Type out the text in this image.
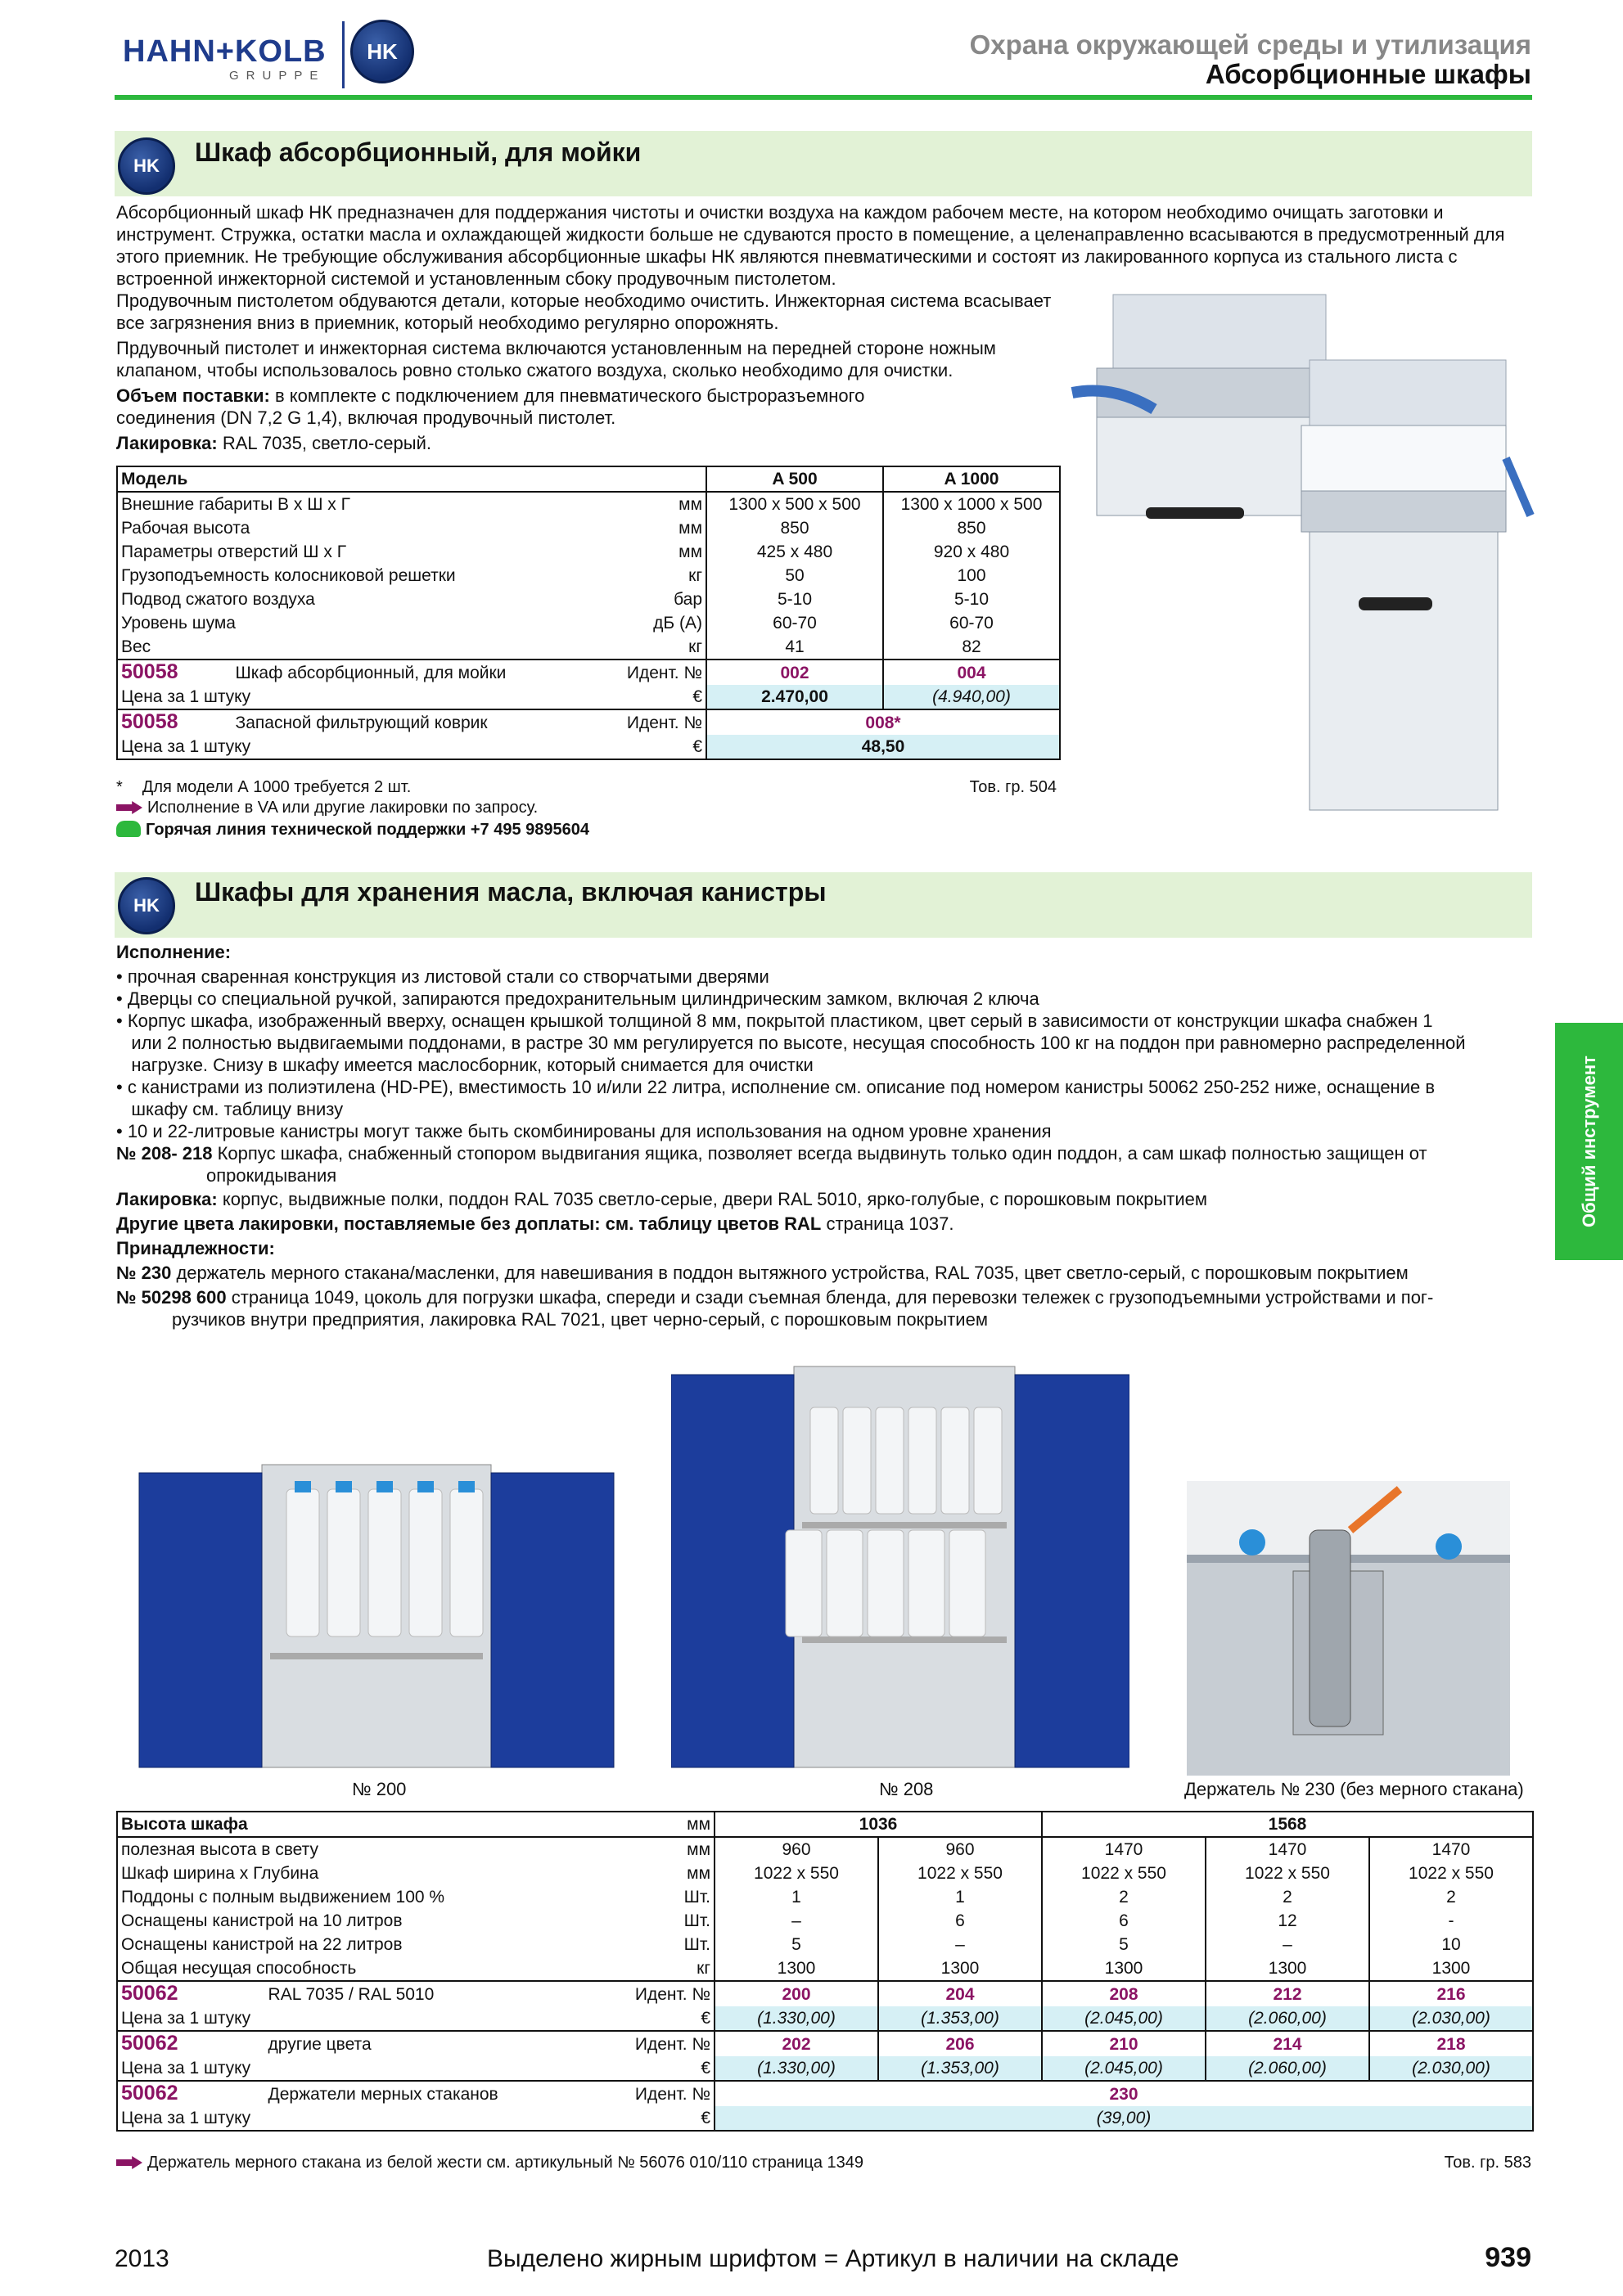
HAHN+KOLB
GRUPPE
HK	Охрана окружающей среды и утилизация
Абсорбционные шкафы
Общий инструмент
HK Шкаф абсорбционный, для мойки
Абсорбционный шкаф НК предназначен для поддержания чистоты и очистки воздуха на каждом рабочем месте, на котором необходимо очищать заготовки и инструмент. Стружка, остатки масла и охлаждающей жидкости больше не сдуваются просто в помещение, а целенаправленно всасываются в предусмотренный для этого приемник. Не требующие обслуживания абсорбционные шкафы НК являются пневматическими и состоят из лакированного корпуса из стального листа с встроенной инжекторной системой и установленным сбоку продувочным пистолетом.
Продувочным пистолетом обдуваются детали, которые необходимо очистить. Инжекторная система всасывает все загрязнения вниз в приемник, который необходимо регулярно опорожнять.
Прдувочный пистолет и инжекторная система включаются установленным на передней стороне ножным клапаном, чтобы использовалось ровно столько сжатого воздуха, сколько необходимо для очистки.
Объем поставки: в комплекте с подключением для пневматического быстроразъемного соединения (DN 7,2 G 1,4), включая продувочный пистолет.
Лакировка: RAL 7035, светло-серый.
Модель		A 500	A 1000
Внешние габариты В х Ш х Г	мм	1300 x 500 x 500	1300 x 1000 x 500
Рабочая высота	мм	850	850
Параметры отверстий Ш х Г	мм	425 x 480	920 x 480
Грузоподъемность колосниковой решетки	кг	50	100
Подвод сжатого воздуха	бар	5-10	5-10
Уровень шума	дБ (A)	60-70	60-70
Вес	кг	41	82
50058 Шкаф абсорбционный, для мойки	Идент. №	002	004
Цена за 1 штуку	€	2.470,00	(4.940,00)
50058 Запасной фильтрующий коврик	Идент. №	008*	
Цена за 1 штуку	€	48,50	
* Для модели А 1000 требуется 2 шт.	Тов. гр. 504
Исполнение в VA или другие лакировки по запросу.
Горячая линия технической поддержки +7 495 9895604
HK Шкафы для хранения масла, включая канистры
Исполнение:
• прочная сваренная конструкция из листовой стали со створчатыми дверями
• Дверцы со специальной ручкой, запираются предохранительным цилиндрическим замком, включая 2 ключа
• Корпус шкафа, изображенный вверху, оснащен крышкой толщиной 8 мм, покрытой пластиком, цвет серый в зависимости от конструкции шкафа снабжен 1
или 2 полностью выдвигаемыми поддонами, в растре 30 мм регулируется по высоте, несущая способность 100 кг на поддон при равномерно распределенной
нагрузке. Снизу в шкафу имеется маслосборник, который снимается для очистки
• с канистрами из полиэтилена (HD-PE), вместимость 10 и/или 22 литра, исполнение см. описание под номером канистры 50062 250-252 ниже, оснащение в
шкафу см. таблицу внизу
• 10 и 22-литровые канистры могут также быть скомбинированы для использования на одном уровне хранения
№ 208- 218 Корпус шкафа, снабженный стопором выдвигания ящика, позволяет всегда выдвинуть только один поддон, а сам шкаф полностью защищен от
опрокидывания
Лакировка: корпус, выдвижные полки, поддон RAL 7035 светло-серые, двери RAL 5010, ярко-голубые, с порошковым покрытием
Другие цвета лакировки, поставляемые без доплаты: см. таблицу цветов RAL страница 1037.
Принадлежности:
№ 230 держатель мерного стакана/масленки, для навешивания в поддон вытяжного устройства, RAL 7035, цвет светло-серый, с порошковым покрытием
№ 50298 600 страница 1049, цоколь для погрузки шкафа, спереди и сзади съемная бленда, для перевозки тележек с грузоподъемными устройствами и пог-
рузчиков внутри предприятия, лакировка RAL 7021, цвет черно-серый, с порошковым покрытием
№ 200	№ 208	Держатель № 230 (без мерного стакана)
Высота шкафа	мм	1036		1568		
полезная высота в свету	мм	960	960	1470	1470	1470
Шкаф ширина х Глубина	мм	1022 x 550	1022 x 550	1022 x 550	1022 x 550	1022 x 550
Поддоны с полным выдвижением 100 %	Шт.	1	1	2	2	2
Оснащены канистрой на 10 литров	Шт.	–	6	6	12	-
Оснащены канистрой на 22 литров	Шт.	5	–	5	–	10
Общая несущая способность	кг	1300	1300	1300	1300	1300
50062 RAL 7035 / RAL 5010	Идент. №	200	204	208	212	216
Цена за 1 штуку	€	(1.330,00)	(1.353,00)	(2.045,00)	(2.060,00)	(2.030,00)
50062 другие цвета	Идент. №	202	206	210	214	218
Цена за 1 штуку	€	(1.330,00)	(1.353,00)	(2.045,00)	(2.060,00)	(2.030,00)
50062 Держатели мерных стаканов	Идент. №	230				
Цена за 1 штуку	€	(39,00)				
Держатель мерного стакана из белой жести см. артикульный № 56076 010/110 страница 1349	Тов. гр. 583
2013	Выделено жирным шрифтом = Артикул в наличии на складе	939
